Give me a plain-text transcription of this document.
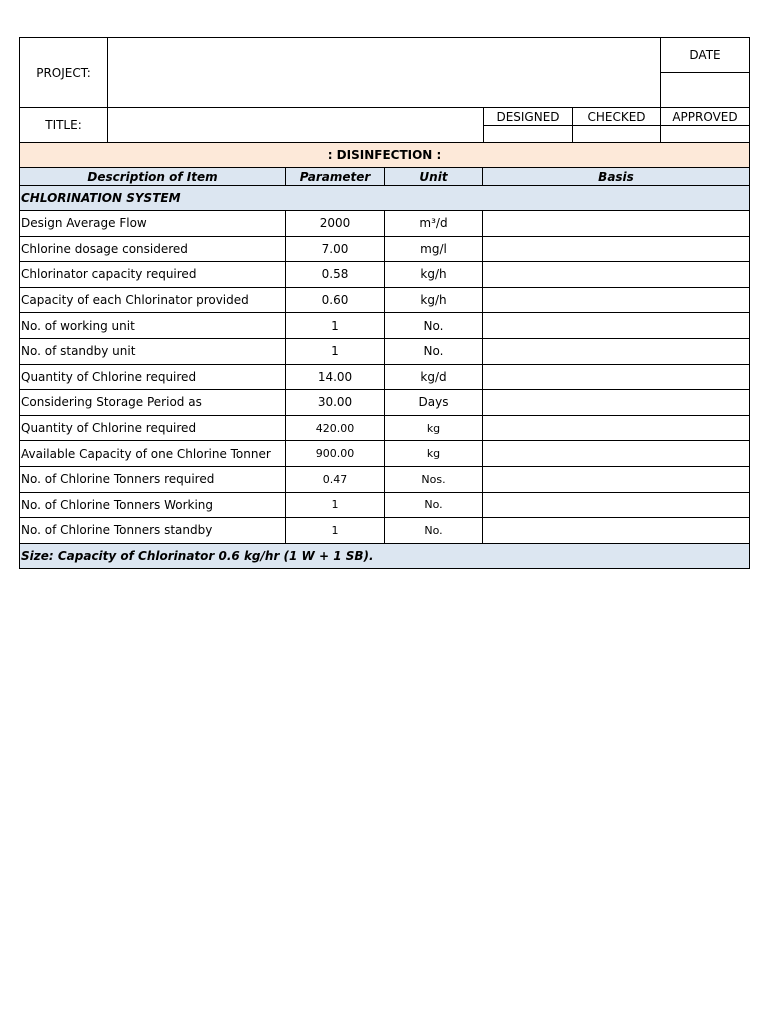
PROJECT:				DATE

TITLE:		DESIGNED	CHECKED	APPROVED

: DISINFECTION :			
Description of Item	Parameter	Unit	Basis
CHLORINATION SYSTEM			
Design Average Flow	2000	m³/d	
Chlorine dosage considered	7.00	mg/l	
Chlorinator capacity required	0.58	kg/h	
Capacity of each Chlorinator provided	0.60	kg/h	
No. of working unit	1	No.	
No. of standby unit	1	No.	
Quantity of Chlorine required	14.00	kg/d	
Considering Storage Period as	30.00	Days	
Quantity of Chlorine required	420.00	kg	
Available Capacity of one Chlorine Tonner	900.00	kg	
No. of Chlorine Tonners required	0.47	Nos.	
No. of Chlorine Tonners Working	1	No.	
No. of Chlorine Tonners standby	1	No.	
Size: Capacity of Chlorinator 0.6 kg/hr (1 W + 1 SB).			
